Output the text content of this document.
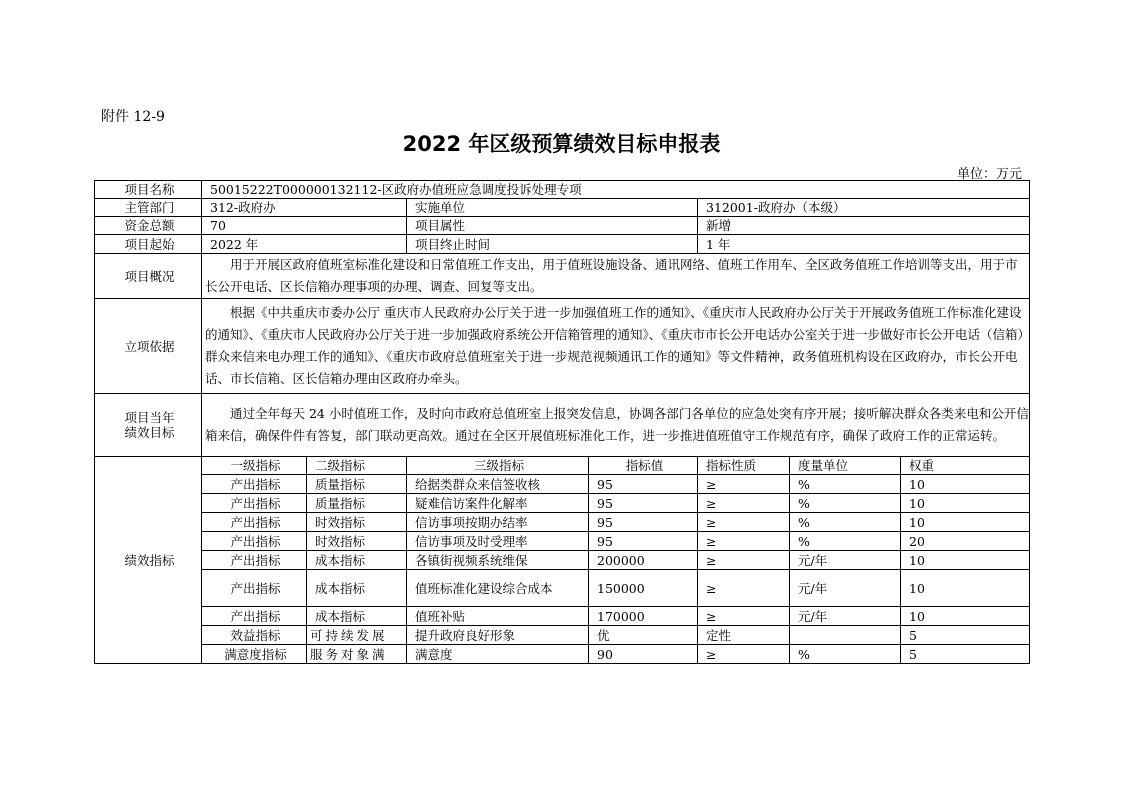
附件 12-9
2022 年区级预算绩效目标申报表
单位：万元
项目名称	50015222T000000132112-区政府办值班应急调度投诉处理专项						
主管部门	312-政府办		实施单位		312001-政府办（本级）		
资金总额	70		项目属性		新增		
项目起始	2022 年		项目终止时间		1 年		
项目概况	用于开展区政府值班室标准化建设和日常值班工作支出，用于值班设施设备、通讯网络、值班工作用车、全区政务值班工作培训等支出，用于市长公开电话、区长信箱办理事项的办理、调查、回复等支出。						
立项依据	根据《中共重庆市委办公厅 重庆市人民政府办公厅关于进一步加强值班工作的通知》、《重庆市人民政府办公厅关于开展政务值班工作标准化建设的通知》、《重庆市人民政府办公厅关于进一步加强政府系统公开信箱管理的通知》、《重庆市市长公开电话办公室关于进一步做好市长公开电话（信箱）群众来信来电办理工作的通知》、《重庆市政府总值班室关于进一步规范视频通讯工作的通知》等文件精神，政务值班机构设在区政府办，市长公开电话、市长信箱、区长信箱办理由区政府办牵头。						

项目当年
绩效目标	通过全年每天 24 小时值班工作，及时向市政府总值班室上报突发信息，协调各部门各单位的应急处突有序开展；接听解决群众各类来电和公开信箱来信，确保件件有答复，部门联动更高效。通过在全区开展值班标准化工作，进一步推进值班值守工作规范有序，确保了政府工作的正常运转。						
绩效指标	一级指标	二级指标	三级指标	指标值	指标性质	度量单位	权重
	产出指标	质量指标	给据类群众来信签收核	95	≥	%	10
	产出指标	质量指标	疑难信访案件化解率	95	≥	%	10
	产出指标	时效指标	信访事项按期办结率	95	≥	%	10
	产出指标	时效指标	信访事项及时受理率	95	≥	%	20
	产出指标	成本指标	各镇街视频系统维保	200000	≥	元/年	10
	产出指标	成本指标	值班标准化建设综合成本	150000	≥	元/年	10
	产出指标	成本指标	值班补贴	170000	≥	元/年	10
	效益指标	可持续发展	提升政府良好形象	优	定性		5
	满意度指标	服务对象满	满意度	90	≥	%	5
